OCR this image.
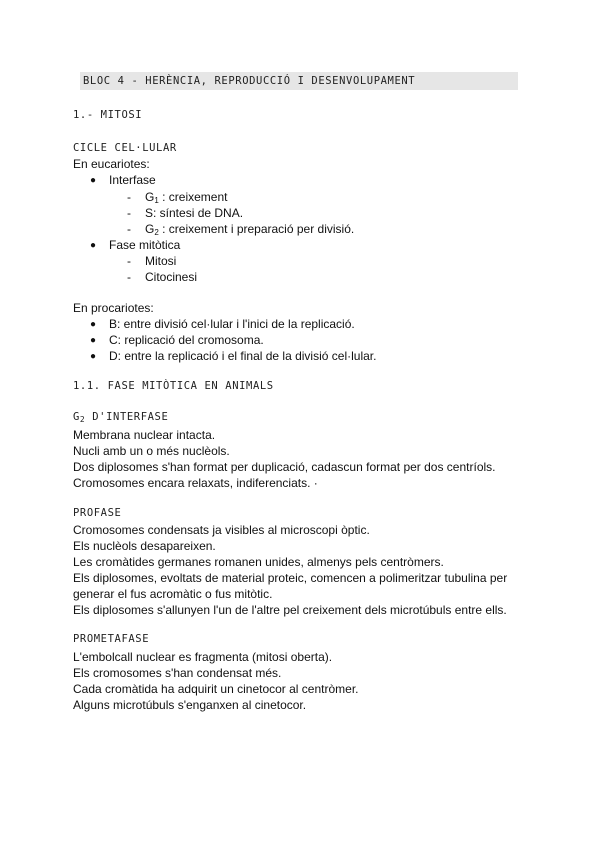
BLOC 4 - HERÈNCIA, REPRODUCCIÓ I DESENVOLUPAMENT
1.- MITOSI
CICLE CEL·LULAR
En eucariotes:
● Interfase
- $G_1$ : creixement
- S: síntesi de DNA.
- $G_2$ : creixement i preparació per divisió.
● Fase mitòtica
- Mitosi
- Citocinesi
En procariotes:
● B: entre divisió cel·lular i l'inici de la replicació.
● C: replicació del cromosoma.
● D: entre la replicació i el final de la divisió cel·lular.
1.1. FASE MITÒTICA EN ANIMALS
$G_2$ D'INTERFASE
Membrana nuclear intacta.
Nucli amb un o més nuclèols.
Dos diplosomes s'han format per duplicació, cadascun format per dos centríols.
Cromosomes encara relaxats, indiferenciats. ·
PROFASE
Cromosomes condensats ja visibles al microscopi òptic.
Els nuclèols desapareixen.
Les cromàtides germanes romanen unides, almenys pels centròmers.
Els diplosomes, evoltats de material proteic, comencen a polimeritzar tubulina per
generar el fus acromàtic o fus mitòtic.
Els diplosomes s'allunyen l'un de l'altre pel creixement dels microtúbuls entre ells.
PROMETAFASE
L'embolcall nuclear es fragmenta (mitosi oberta).
Els cromosomes s'han condensat més.
Cada cromàtida ha adquirit un cinetocor al centròmer.
Alguns microtúbuls s'enganxen al cinetocor.
